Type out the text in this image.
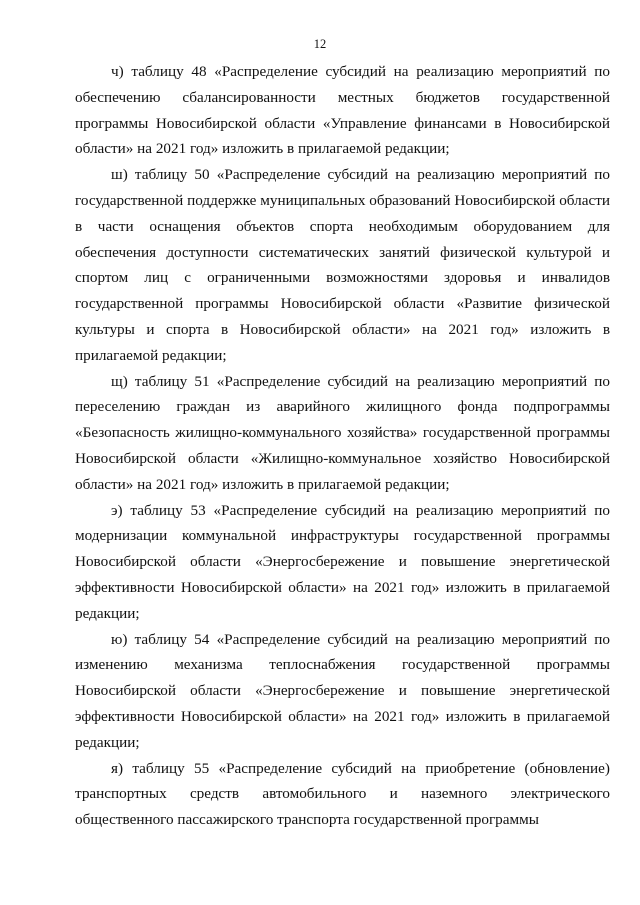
12

ч) таблицу 48 «Распределение субсидий на реализацию мероприятий по обеспечению сбалансированности местных бюджетов государственной программы Новосибирской области «Управление финансами в Новосибирской области» на 2021 год» изложить в прилагаемой редакции;

ш) таблицу 50 «Распределение субсидий на реализацию мероприятий по государственной поддержке муниципальных образований Новосибирской области в части оснащения объектов спорта необходимым оборудованием для обеспечения доступности систематических занятий физической культурой и спортом лиц с ограниченными возможностями здоровья и инвалидов государственной программы Новосибирской области «Развитие физической культуры и спорта в Новосибирской области» на 2021 год» изложить в прилагаемой редакции;

щ) таблицу 51 «Распределение субсидий на реализацию мероприятий по переселению граждан из аварийного жилищного фонда подпрограммы «Безопасность жилищно-коммунального хозяйства» государственной программы Новосибирской области «Жилищно-коммунальное хозяйство Новосибирской области» на 2021 год» изложить в прилагаемой редакции;

э) таблицу 53 «Распределение субсидий на реализацию мероприятий по модернизации коммунальной инфраструктуры государственной программы Новосибирской области «Энергосбережение и повышение энергетической эффективности Новосибирской области» на 2021 год» изложить в прилагаемой редакции;

ю) таблицу 54 «Распределение субсидий на реализацию мероприятий по изменению механизма теплоснабжения государственной программы Новосибирской области «Энергосбережение и повышение энергетической эффективности Новосибирской области» на 2021 год» изложить в прилагаемой редакции;

я) таблицу 55 «Распределение субсидий на приобретение (обновление) транспортных средств автомобильного и наземного электрического общественного пассажирского транспорта государственной программы
